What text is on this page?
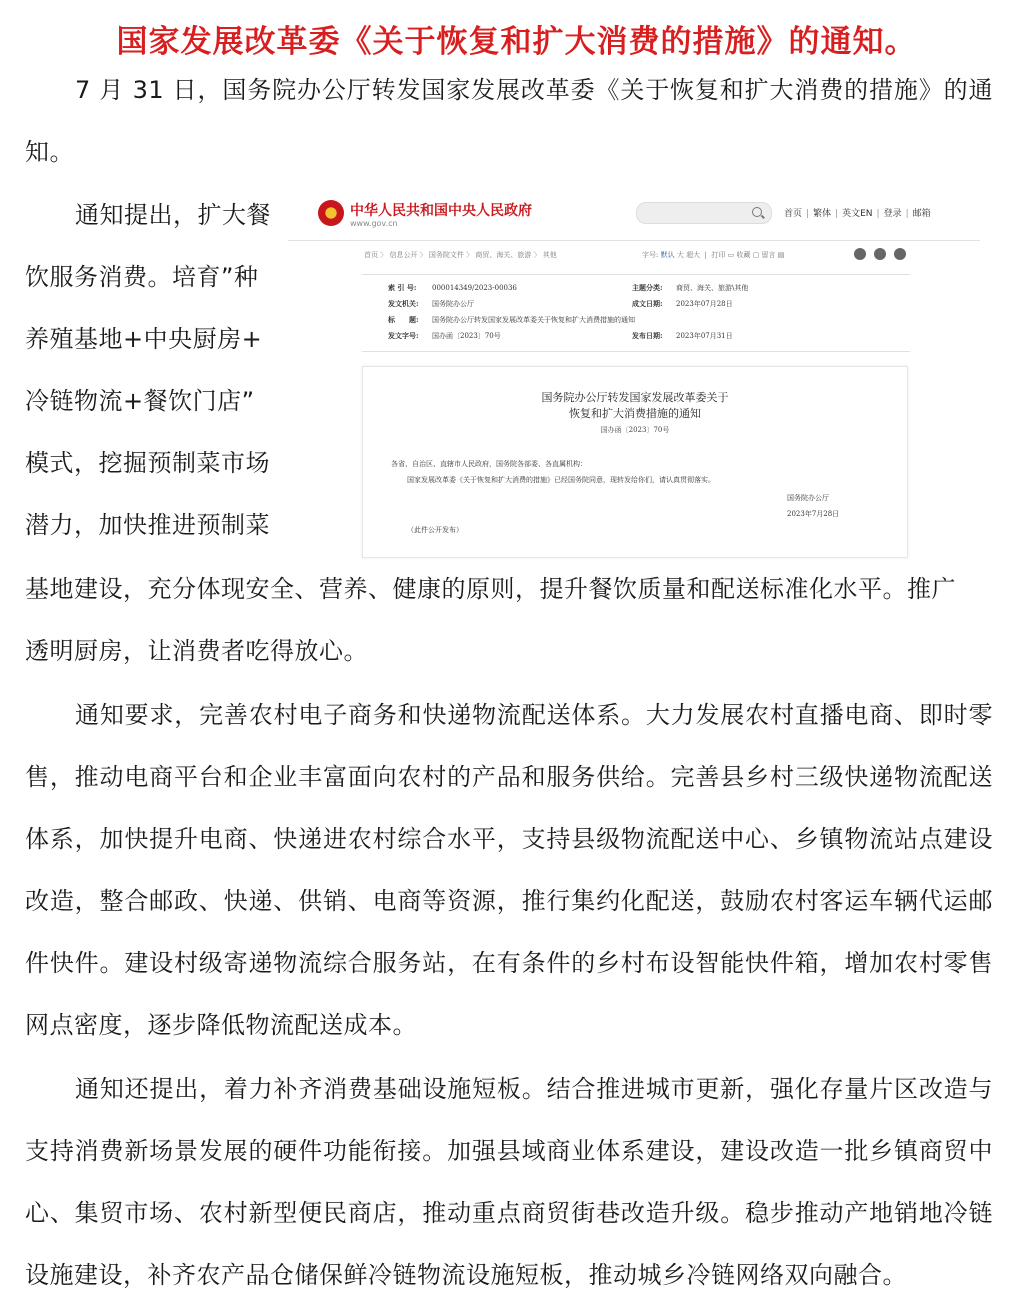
国家发展改革委《关于恢复和扩大消费的措施》的通知。

7 月 31 日，国务院办公厅转发国家发展改革委《关于恢复和扩大消费的措施》的通知。

通知提出，扩大餐
饮服务消费。培育”种
养殖基地+中央厨房+
冷链物流+餐饮门店”
模式，挖掘预制菜市场
潜力，加快推进预制菜
基地建设，充分体现安全、营养、健康的原则，提升餐饮质量和配送标准化水平。推广
透明厨房，让消费者吃得放心。
中华人民共和国中央人民政府
www.gov.cn
首页 | 繁体 | 英文EN | 登录 | 邮箱
首页 〉 信息公开 〉 国务院文件 〉 商贸、海关、旅游 〉 其他	字号: 默认 大 超大  |  打印 ▭ 收藏 ▢ 留言 ▤
索 引 号: 000014349/2023-00036	主题分类: 商贸、海关、旅游\其他
发文机关: 国务院办公厅	成文日期: 2023年07月28日
标　　题: 国务院办公厅转发国家发展改革委关于恢复和扩大消费措施的通知
发文字号: 国办函〔2023〕70号	发布日期: 2023年07月31日
国务院办公厅转发国家发展改革委关于
恢复和扩大消费措施的通知
国办函〔2023〕70号
各省、自治区、直辖市人民政府，国务院各部委、各直属机构：
国家发展改革委《关于恢复和扩大消费的措施》已经国务院同意，现转发给你们，请认真贯彻落实。
国务院办公厅
2023年7月28日
（此件公开发布）

通知要求，完善农村电子商务和快递物流配送体系。大力发展农村直播电商、即时零售，推动电商平台和企业丰富面向农村的产品和服务供给。完善县乡村三级快递物流配送体系，加快提升电商、快递进农村综合水平，支持县级物流配送中心、乡镇物流站点建设改造，整合邮政、快递、供销、电商等资源，推行集约化配送，鼓励农村客运车辆代运邮件快件。建设村级寄递物流综合服务站，在有条件的乡村布设智能快件箱，增加农村零售网点密度，逐步降低物流配送成本。

通知还提出，着力补齐消费基础设施短板。结合推进城市更新，强化存量片区改造与支持消费新场景发展的硬件功能衔接。加强县域商业体系建设，建设改造一批乡镇商贸中心、集贸市场、农村新型便民商店，推动重点商贸街巷改造升级。稳步推动产地销地冷链设施建设，补齐农产品仓储保鲜冷链物流设施短板，推动城乡冷链网络双向融合。
